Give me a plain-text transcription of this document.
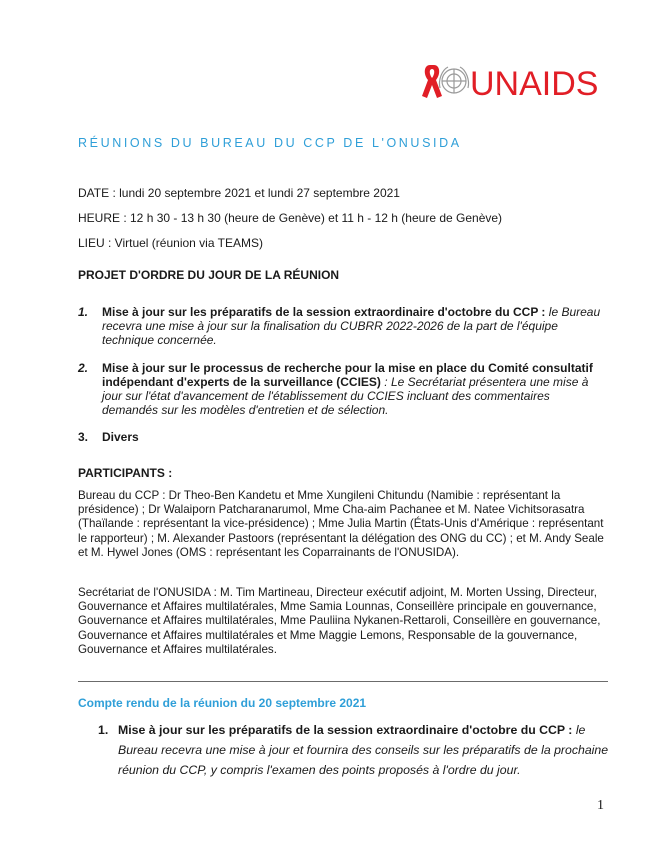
UNAIDS
RÉUNIONS DU BUREAU DU CCP DE L'ONUSIDA
DATE : lundi 20 septembre 2021 et lundi 27 septembre 2021
HEURE : 12 h 30 - 13 h 30 (heure de Genève) et 11 h - 12 h (heure de Genève)
LIEU : Virtuel (réunion via TEAMS)
PROJET D'ORDRE DU JOUR DE LA RÉUNION
1. Mise à jour sur les préparatifs de la session extraordinaire d'octobre du CCP : le Bureau recevra une mise à jour sur la finalisation du CUBRR 2022-2026 de la part de l'équipe technique concernée.
2. Mise à jour sur le processus de recherche pour la mise en place du Comité consultatif indépendant d'experts de la surveillance (CCIES) : Le Secrétariat présentera une mise à jour sur l'état d'avancement de l'établissement du CCIES incluant des commentaires demandés sur les modèles d'entretien et de sélection.
3. Divers
PARTICIPANTS :
Bureau du CCP : Dr Theo-Ben Kandetu et Mme Xungileni Chitundu (Namibie : représentant la présidence) ; Dr Walaiporn Patcharanarumol, Mme Cha-aim Pachanee et M. Natee Vichitsorasatra (Thaïlande : représentant la vice-présidence) ; Mme Julia Martin (États-Unis d'Amérique : représentant le rapporteur) ; M. Alexander Pastoors (représentant la délégation des ONG du CC) ; et M. Andy Seale et M. Hywel Jones (OMS : représentant les Coparrainants de l'ONUSIDA).
Secrétariat de l'ONUSIDA : M. Tim Martineau, Directeur exécutif adjoint, M. Morten Ussing, Directeur, Gouvernance et Affaires multilatérales, Mme Samia Lounnas, Conseillère principale en gouvernance, Gouvernance et Affaires multilatérales, Mme Pauliina Nykanen-Rettaroli, Conseillère en gouvernance, Gouvernance et Affaires multilatérales et Mme Maggie Lemons, Responsable de la gouvernance, Gouvernance et Affaires multilatérales.
Compte rendu de la réunion du 20 septembre 2021
1. Mise à jour sur les préparatifs de la session extraordinaire d'octobre du CCP : le Bureau recevra une mise à jour et fournira des conseils sur les préparatifs de la prochaine réunion du CCP, y compris l'examen des points proposés à l'ordre du jour.
1
